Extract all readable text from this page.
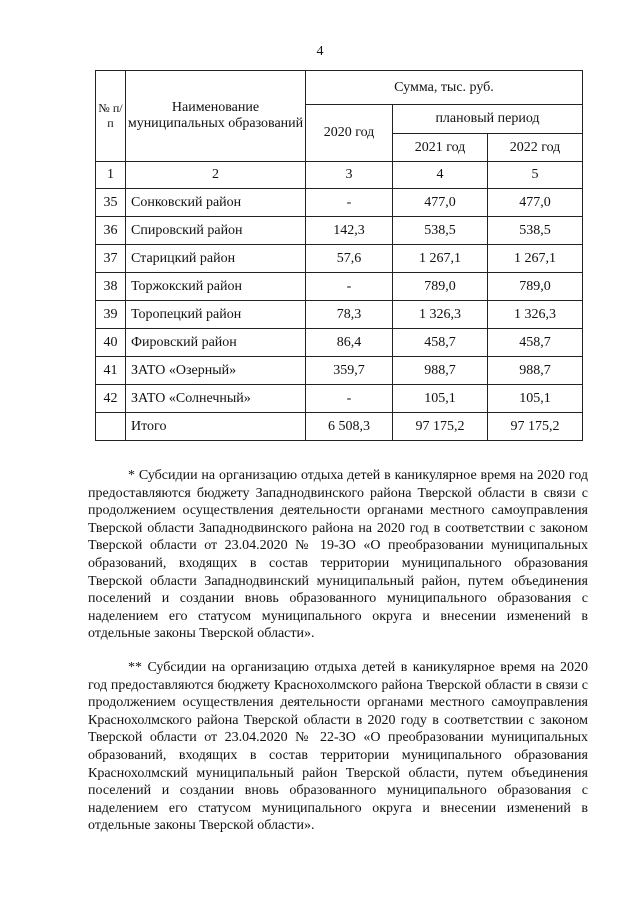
4
№ п/п	Наименование муниципальных образований	Сумма, тыс. руб.		
		2020 год	плановый период	
			2021 год	2022 год
1	2	3	4	5
35	Сонковский район	-	477,0	477,0
36	Спировский район	142,3	538,5	538,5
37	Старицкий район	57,6	1 267,1	1 267,1
38	Торжокский район	-	789,0	789,0
39	Торопецкий район	78,3	1 326,3	1 326,3
40	Фировский район	86,4	458,7	458,7
41	ЗАТО «Озерный»	359,7	988,7	988,7
42	ЗАТО «Солнечный»	-	105,1	105,1
	Итого	6 508,3	97 175,2	97 175,2

* Субсидии на организацию отдыха детей в каникулярное время на 2020 год предоставляются бюджету Западнодвинского района Тверской области в связи с продолжением осуществления деятельности органами местного самоуправления Тверской области Западнодвинского района на 2020 год в соответствии с законом Тверской области от 23.04.2020 № 19-ЗО «О преобразовании муниципальных образований, входящих в состав территории муниципального образования Тверской области Западнодвинский муниципальный район, путем объединения поселений и создании вновь образованного муниципального образования с наделением его статусом муниципального округа и внесении изменений в отдельные законы Тверской области».

** Субсидии на организацию отдыха детей в каникулярное время на 2020 год предоставляются бюджету Краснохолмского района Тверской области в связи с продолжением осуществления деятельности органами местного самоуправления Краснохолмского района Тверской области в 2020 году в соответствии с законом Тверской области от 23.04.2020 № 22-ЗО «О преобразовании муниципальных образований, входящих в состав территории муниципального образования Краснохолмский муниципальный район Тверской области, путем объединения поселений и создании вновь образованного муниципального образования с наделением его статусом муниципального округа и внесении изменений в отдельные законы Тверской области».
